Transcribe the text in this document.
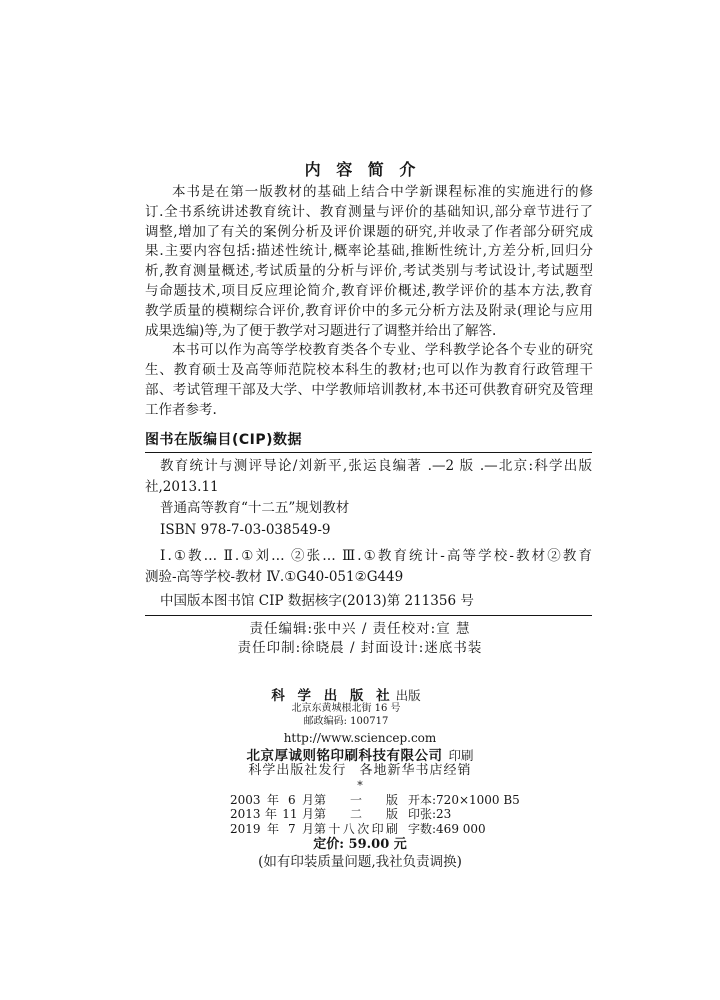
内 容 简 介
本书是在第一版教材的基础上结合中学新课程标准的实施进行的修
订.全书系统讲述教育统计、教育测量与评价的基础知识,部分章节进行了
调整,增加了有关的案例分析及评价课题的研究,并收录了作者部分研究成
果.主要内容包括:描述性统计,概率论基础,推断性统计,方差分析,回归分
析,教育测量概述,考试质量的分析与评价,考试类别与考试设计,考试题型
与命题技术,项目反应理论简介,教育评价概述,教学评价的基本方法,教育
教学质量的模糊综合评价,教育评价中的多元分析方法及附录(理论与应用
成果选编)等,为了便于教学对习题进行了调整并给出了解答.
本书可以作为高等学校教育类各个专业、学科教学论各个专业的研究
生、教育硕士及高等师范院校本科生的教材;也可以作为教育行政管理干
部、考试管理干部及大学、中学教师培训教材,本书还可供教育研究及管理
工作者参考.
图书在版编目(CIP)数据
教育统计与测评导论/刘新平,张运良编著 .—2 版 .—北京:科学出版
社,2013.11
普通高等教育“十二五”规划教材
ISBN 978-7-03-038549-9
Ⅰ.①教… Ⅱ.①刘… ②张… Ⅲ.①教育统计-高等学校-教材②教育
测验-高等学校-教材 Ⅳ.①G40-051②G449
中国版本图书馆 CIP 数据核字(2013)第 211356 号
责任编辑:张中兴 / 责任校对:宣 慧
责任印制:徐晓晨 / 封面设计:迷底书装
科 学 出 版 社 出版
北京东黄城根北街 16 号
邮政编码: 100717
http://www.sciencep.com
北京厚诚则铭印刷科技有限公司 印刷
科学出版社发行 各地新华书店经销
*
2003 年 6 月第 一 版 开本:720×1000 B5
2013 年 11 月第 二 版 印张:23
2019 年 7 月第十八次印刷 字数:469 000
定价: 59.00 元
(如有印装质量问题,我社负责调换)
